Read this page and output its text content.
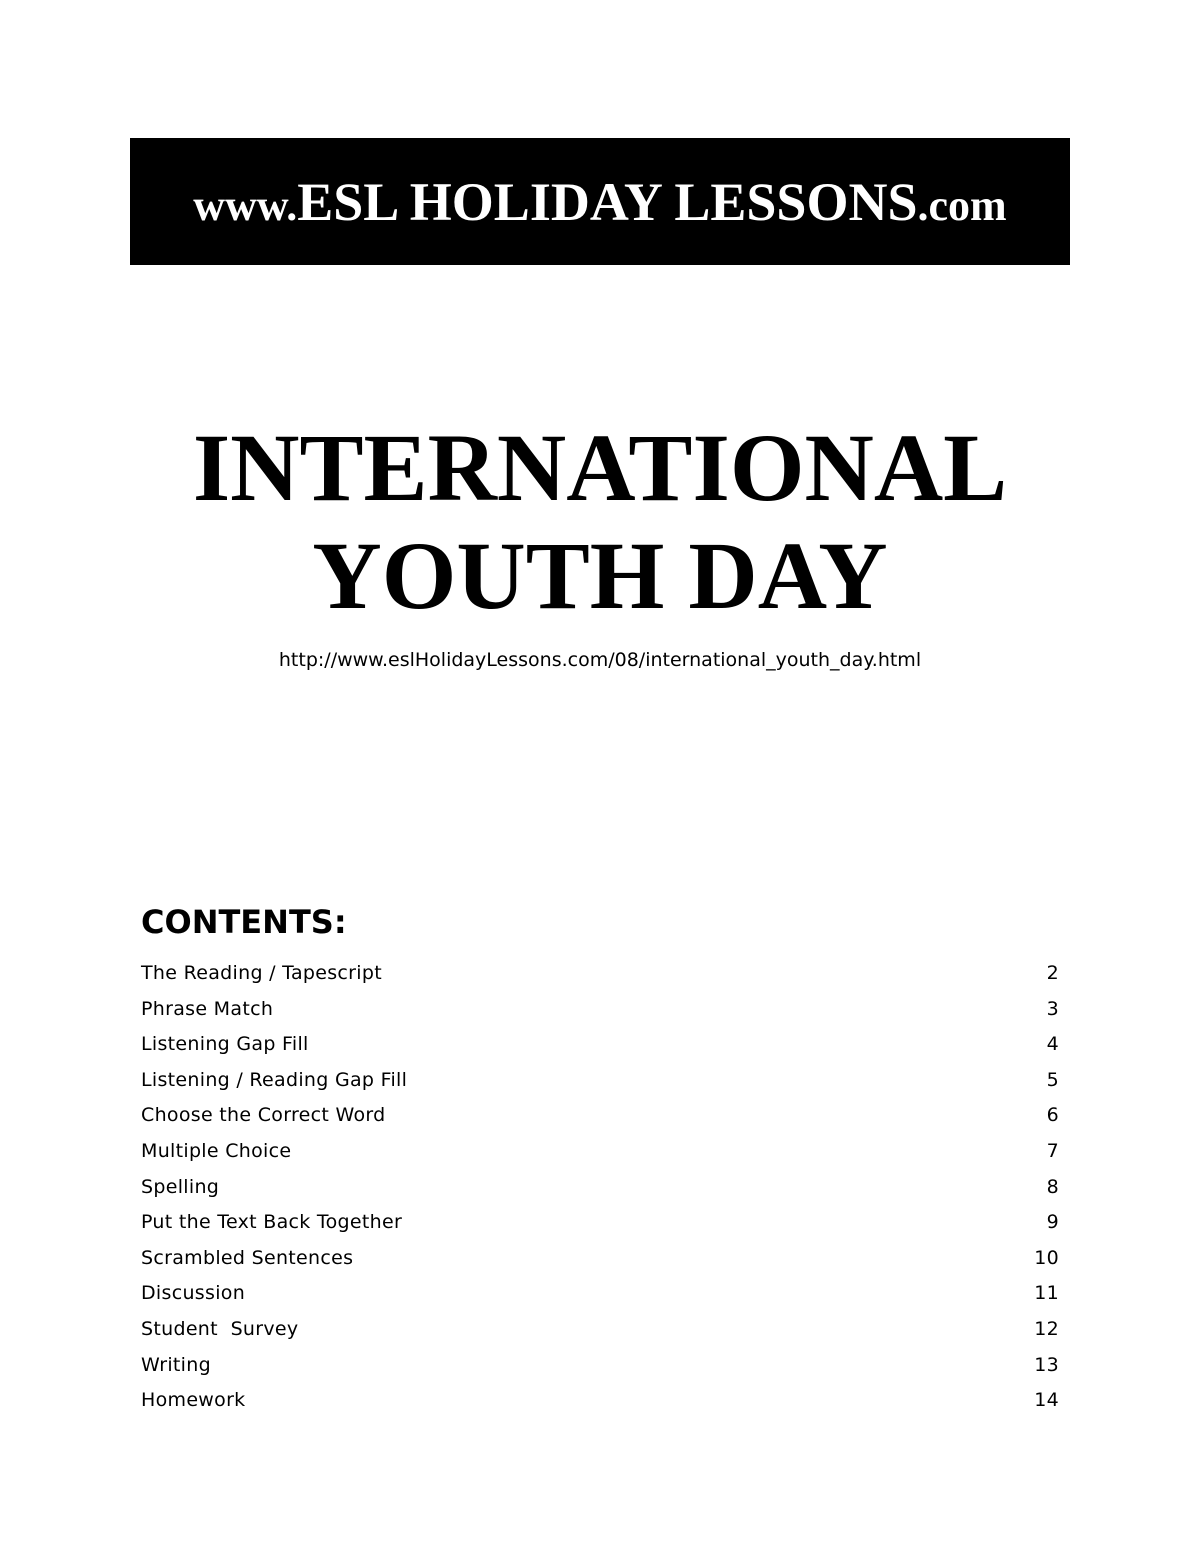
www.ESL HOLIDAY LESSONS.com
INTERNATIONAL
YOUTH DAY
http://www.eslHolidayLessons.com/08/international_youth_day.html
CONTENTS:
The Reading / Tapescript	2
Phrase Match	3
Listening Gap Fill	4
Listening / Reading Gap Fill	5
Choose the Correct Word	6
Multiple Choice	7
Spelling	8
Put the Text Back Together	9
Scrambled Sentences	10
Discussion	11
Student  Survey	12
Writing	13
Homework	14
